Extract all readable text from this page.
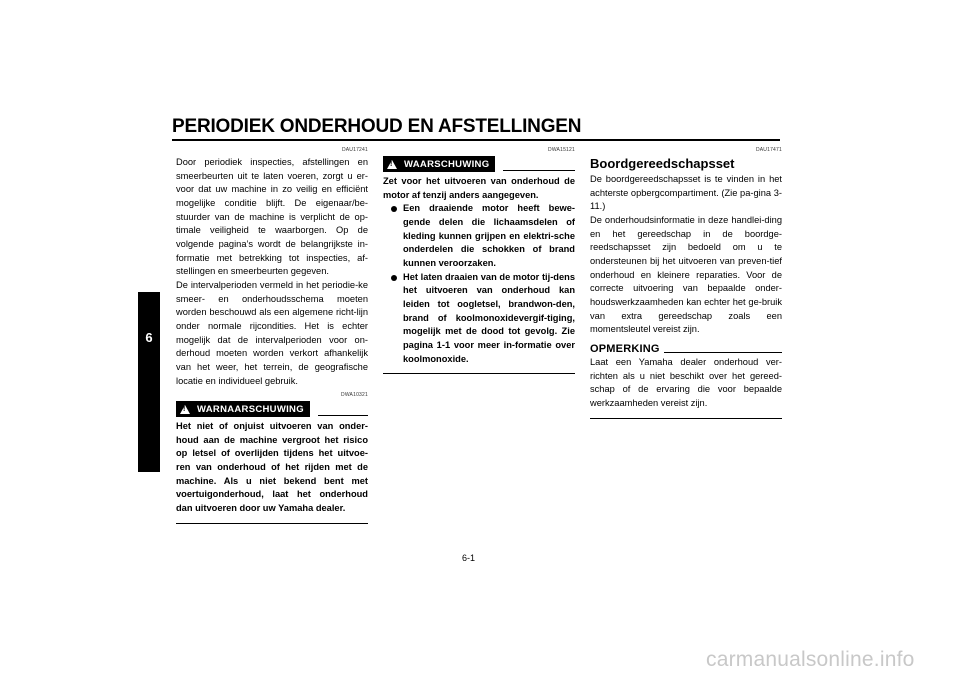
PERIODIEK ONDERHOUD EN AFSTELLINGEN
6
DAU17241

Door periodiek inspecties, afstellingen en smeerbeurten uit te laten voeren, zorgt u er-voor dat uw machine in zo veilig en efficiënt mogelijke conditie blijft. De eigenaar/be-stuurder van de machine is verplicht de op-timale veiligheid te waarborgen. Op de volgende pagina’s wordt de belangrijkste in-formatie met betrekking tot inspecties, af-stellingen en smeerbeurten gegeven.

De intervalperioden vermeld in het periodie-ke smeer- en onderhoudsschema moeten worden beschouwd als een algemene richt-lijn onder normale rijcondities. Het is echter mogelijk dat de intervalperioden voor on-derhoud moeten worden verkort afhankelijk van het weer, het terrein, de geografische locatie en individueel gebruik.

DWA10321
!
WARNAARSCHUWING
Het niet of onjuist uitvoeren van onder-houd aan de machine vergroot het risico op letsel of overlijden tijdens het uitvoe-ren van onderhoud of het rijden met de machine. Als u niet bekend bent met voertuigonderhoud, laat het onderhoud dan uitvoeren door uw Yamaha dealer.
DWA15121
!
WAARSCHUWING

Zet voor het uitvoeren van onderhoud de motor af tenzij anders aangegeven.

Een draaiende motor heeft bewe-gende delen die lichaamsdelen of kleding kunnen grijpen en elektri-sche onderdelen die schokken of brand kunnen veroorzaken.
Het laten draaien van de motor tij-dens het uitvoeren van onderhoud kan leiden tot oogletsel, brandwon-den, brand of koolmonoxidevergif-tiging, mogelijk met de dood tot gevolg. Zie pagina 1-1 voor meer in-formatie over koolmonoxide.
DAU17471
Boordgereedschapsset

De boordgereedschapsset is te vinden in het achterste opbergcompartiment. (Zie pa-gina 3-11.)

De onderhoudsinformatie in deze handlei-ding en het gereedschap in de boordge-reedschapsset zijn bedoeld om u te ondersteunen bij het uitvoeren van preven-tief onderhoud en kleinere reparaties. Voor de correcte uitvoering van bepaalde onder-houdswerkzaamheden kan echter het ge-bruik van extra gereedschap zoals een momentsleutel vereist zijn.

OPMERKING
Laat een Yamaha dealer onderhoud ver-richten als u niet beschikt over het gereed-schap of de ervaring die voor bepaalde werkzaamheden vereist zijn.
6-1
carmanualsonline.info
